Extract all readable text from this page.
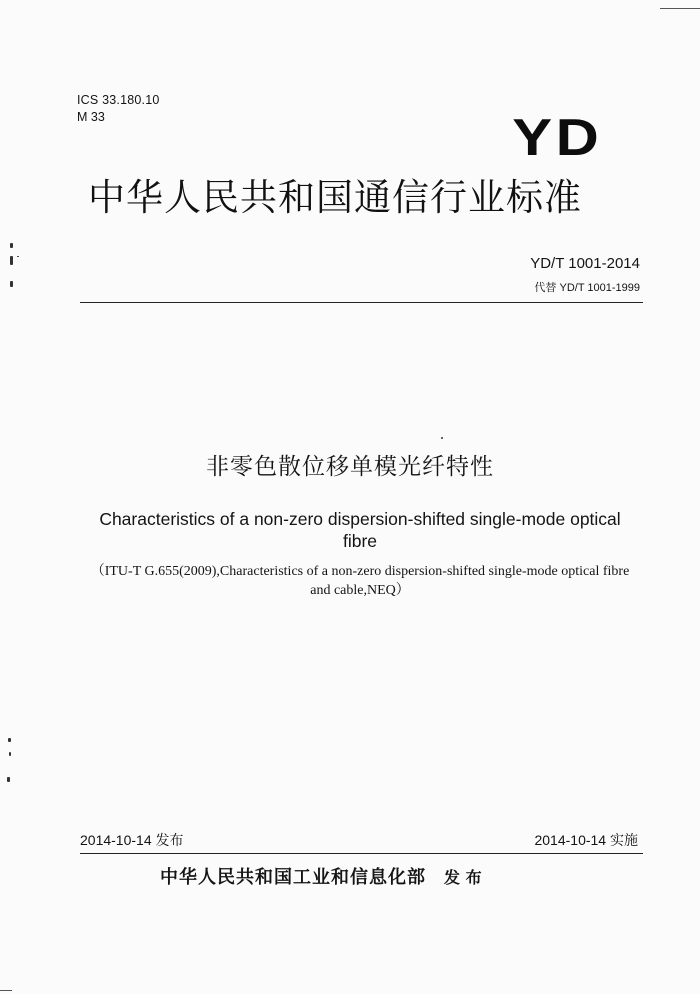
ICS 33.180.10
M 33	YD
中华人民共和国通信行业标准
YD/T 1001-2014
代替 YD/T 1001-1999
非零色散位移单模光纤特性
Characteristics of a non-zero dispersion-shifted single-mode optical fibre
（ITU-T G.655(2009),Characteristics of a non-zero dispersion-shifted single-mode optical fibre and cable,NEQ）
2014-10-14 发布	2014-10-14 实施
中华人民共和国工业和信息化部 发 布
